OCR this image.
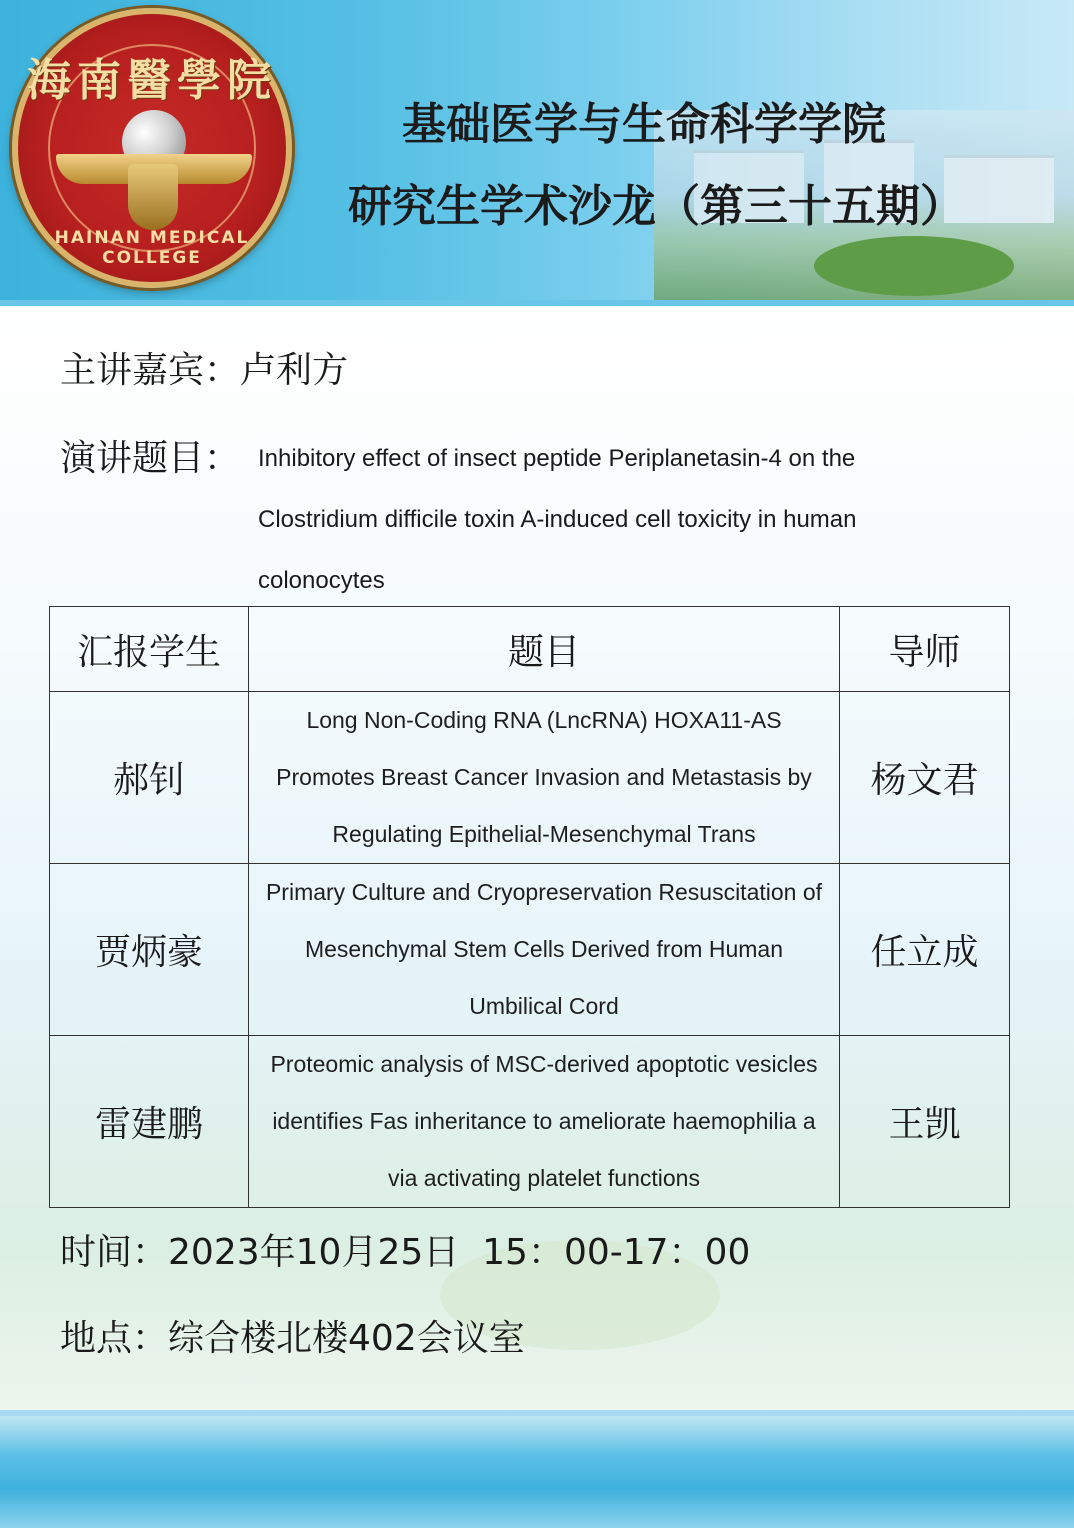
海南醫學院
HAINAN MEDICAL COLLEGE
基础医学与生命科学学院
研究生学术沙龙（第三十五期）
主讲嘉宾：卢利方
演讲题目： Inhibitory effect of insect peptide Periplanetasin-4 on the Clostridium difficile toxin A-induced cell toxicity in human colonocytes
汇报学生	题目	导师
郝钊	Long Non-Coding RNA (LncRNA) HOXA11-AS Promotes Breast Cancer Invasion and Metastasis by Regulating Epithelial-Mesenchymal Trans	杨文君
贾炳豪	Primary Culture and Cryopreservation Resuscitation of Mesenchymal Stem Cells Derived from Human Umbilical Cord	任立成
雷建鹏	Proteomic analysis of MSC-derived apoptotic vesicles identifies Fas inheritance to ameliorate haemophilia a via activating platelet functions	王凯
时间：2023年10月25日  15：00-17：00
地点：综合楼北楼402会议室
